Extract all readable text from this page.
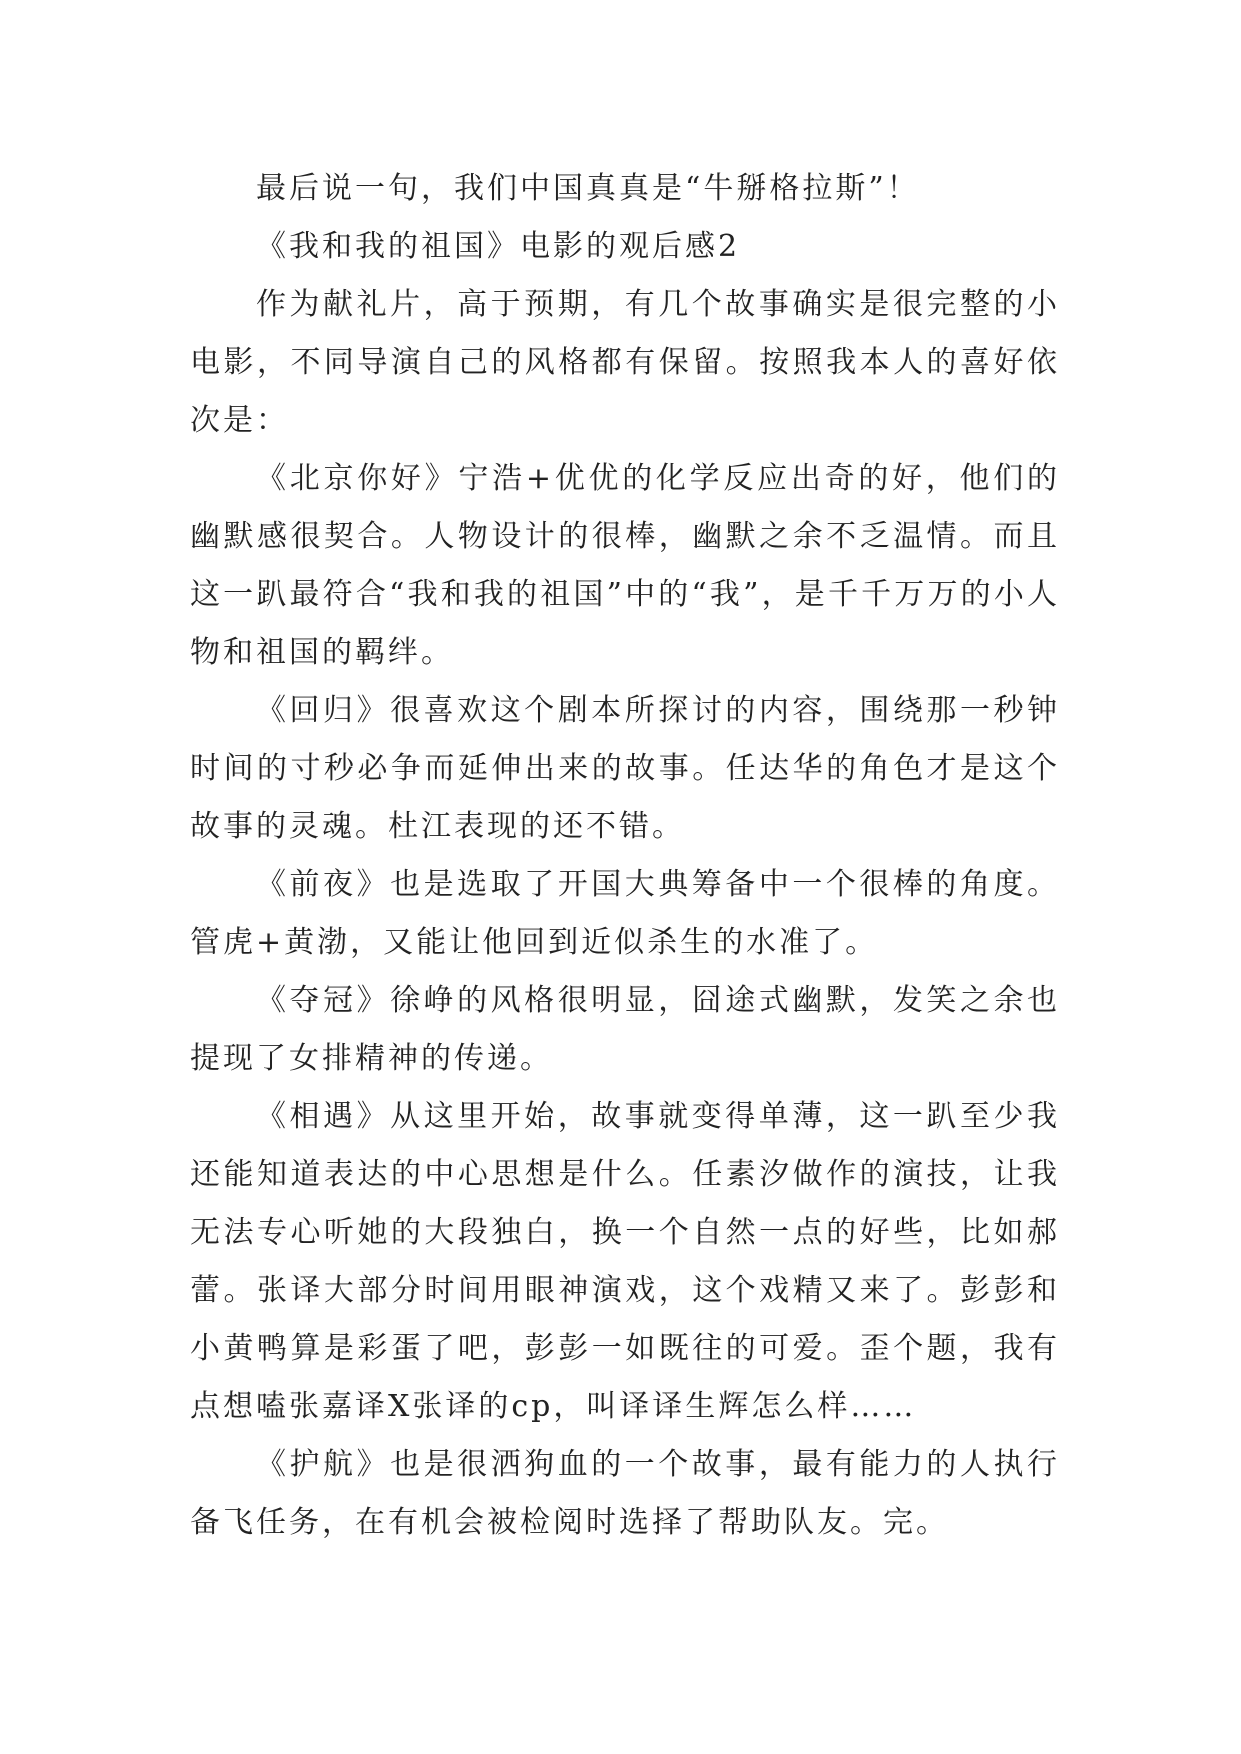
最后说一句，我们中国真真是“牛掰格拉斯”！

《我和我的祖国》电影的观后感2

作为献礼片，高于预期，有几个故事确实是很完整的小电影，不同导演自己的风格都有保留。按照我本人的喜好依次是：

《北京你好》宁浩+优优的化学反应出奇的好，他们的幽默感很契合。人物设计的很棒，幽默之余不乏温情。而且这一趴最符合“我和我的祖国”中的“我”，是千千万万的小人物和祖国的羁绊。

《回归》很喜欢这个剧本所探讨的内容，围绕那一秒钟时间的寸秒必争而延伸出来的故事。任达华的角色才是这个故事的灵魂。杜江表现的还不错。

《前夜》也是选取了开国大典筹备中一个很棒的角度。管虎+黄渤，又能让他回到近似杀生的水准了。

《夺冠》徐峥的风格很明显，囧途式幽默，发笑之余也提现了女排精神的传递。

《相遇》从这里开始，故事就变得单薄，这一趴至少我还能知道表达的中心思想是什么。任素汐做作的演技，让我无法专心听她的大段独白，换一个自然一点的好些，比如郝蕾。张译大部分时间用眼神演戏，这个戏精又来了。彭彭和小黄鸭算是彩蛋了吧，彭彭一如既往的可爱。歪个题，我有点想嗑张嘉译X张译的cp，叫译译生辉怎么样……

《护航》也是很洒狗血的一个故事，最有能力的人执行备飞任务，在有机会被检阅时选择了帮助队友。完。
